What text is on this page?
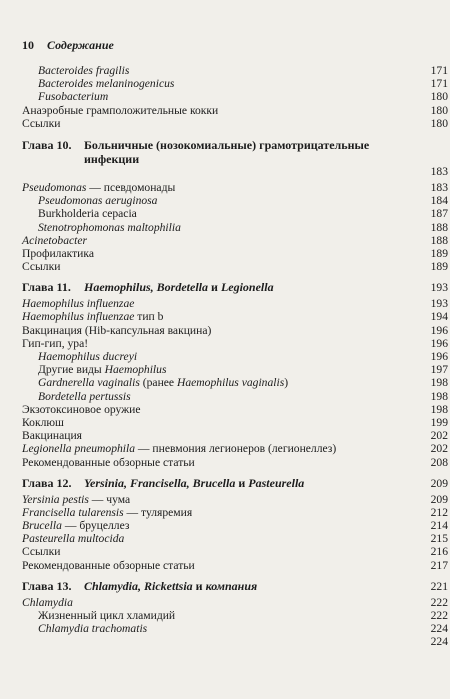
10 Содержание
Bacteroides fragilis	171
Bacteroides melaninogenicus	171
Fusobacterium	180
Анаэробные грамположительные кокки	180
Ссылки	180
Глава 10.	Больничные (нозокомиальные) грамотрицательные инфекции
183
Pseudomonas — псевдомонады	183
Pseudomonas aeruginosa	184
Burkholderia cepacia	187
Stenotrophomonas maltophilia	188
Acinetobacter	188
Профилактика	189
Ссылки	189
Глава 11.	Haemophilus, Bordetella и Legionella	193
Haemophilus influenzae	193
Haemophilus influenzae тип b	194
Вакцинация (Hib-капсульная вакцина)	196
Гип-гип, ура!	196
Haemophilus ducreyi	196
Другие виды Haemophilus	197
Gardnerella vaginalis (ранее Haemophilus vaginalis)	198
Bordetella pertussis	198
Экзотоксиновое оружие	198
Коклюш	199
Вакцинация	202
Legionella pneumophila — пневмония легионеров (легионеллез)	202
Рекомендованные обзорные статьи	208
Глава 12.	Yersinia, Francisella, Brucella и Pasteurella	209
Yersinia pestis — чума	209
Francisella tularensis — туляремия	212
Brucella — бруцеллез	214
Pasteurella multocida	215
Ссылки	216
Рекомендованные обзорные статьи	217
Глава 13.	Chlamydia, Rickettsia и компания	221
Chlamydia	222
Жизненный цикл хламидий	222
Chlamydia trachomatis	224
224
